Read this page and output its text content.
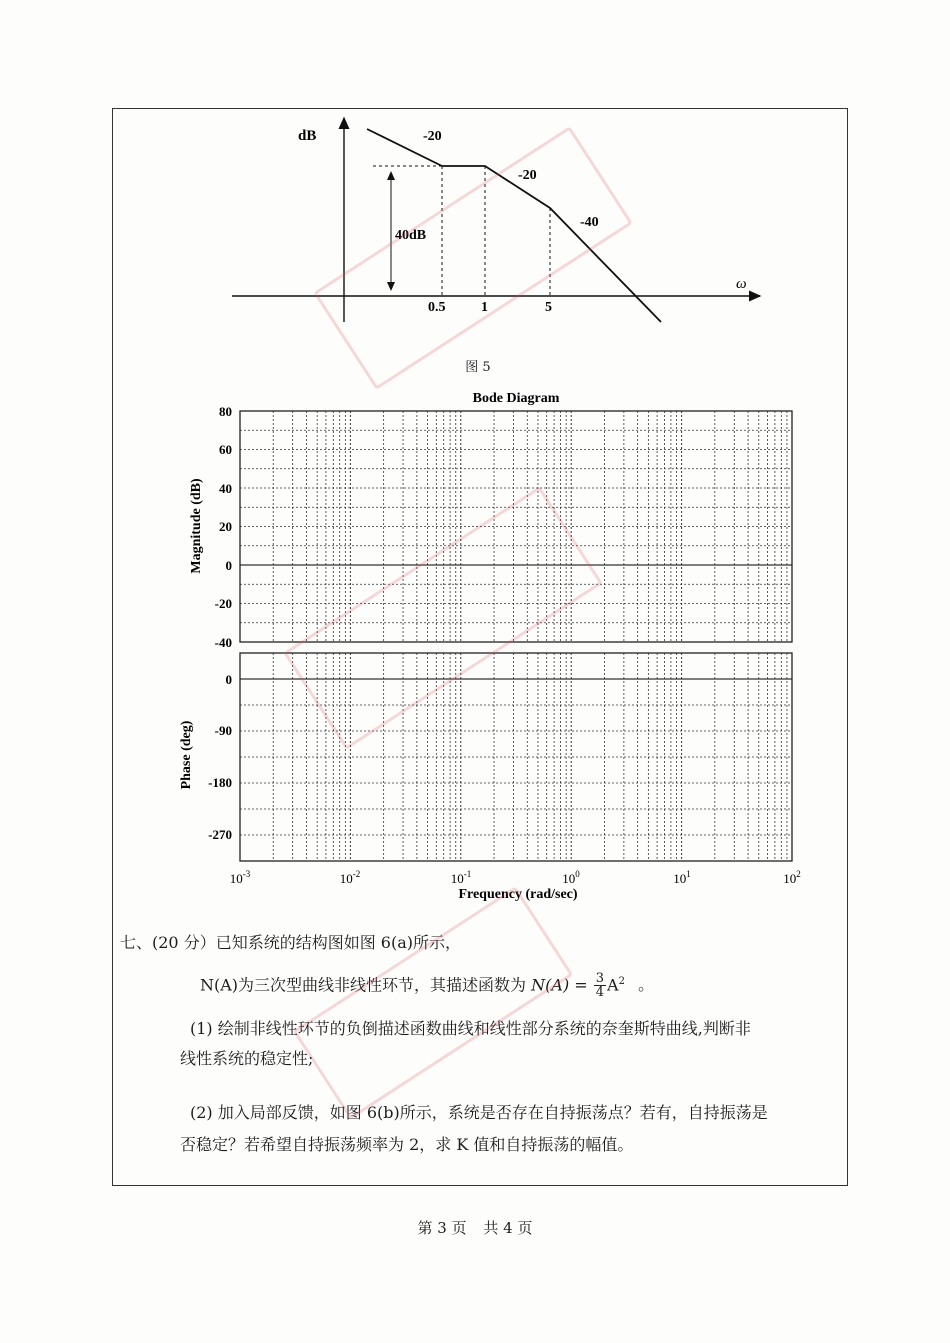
dB
ω
-20
-20
-40
40dB
0.5	1	5
图 5
Bode Diagram
Magnitude (dB)
Phase (deg)
80
60
40
20
0
-20
-40
0
-90
-180
-270
$10^{-3}$	$10^{-2}$	$10^{-1}$	$10^0$	$10^1$	$10^2$
Frequency (rad/sec)
七、(20 分）已知系统的结构图如图 6(a)所示，
N(A)为三次型曲线非线性环节，其描述函数为 $N(A) = \frac{3}{4} A^2$ 。
(1) 绘制非线性环节的负倒描述函数曲线和线性部分系统的奈奎斯特曲线,判断非
线性系统的稳定性;
(2) 加入局部反馈，如图 6(b)所示，系统是否存在自持振荡点？若有，自持振荡是
否稳定？若希望自持振荡频率为 2，求 K 值和自持振荡的幅值。
第 3 页 共 4 页
